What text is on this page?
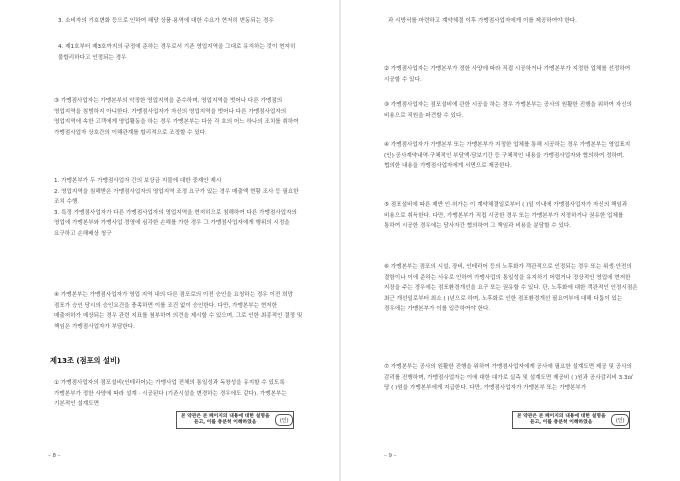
3. 소비자의 기호변화 등으로 인하여 해당 상품·용역에 대한 수요가 현저히 변동되는 경우
4. 제1호부터 제3호까지의 규정에 준하는 경우로서 기존 영업지역을 그대로 유지하는 것이 현저히 불합리하다고 인정되는 경우
③ 가맹점사업자는 가맹본부의 악정한 영업지역을 준수하며, 영업지역을 벗어나 다른 가맹점의 영업지역을 침범하지 아니한다. 가맹점사업자가 자신의 영업지역을 벗어나 다른 가맹점사업자의 영업지역에 속한 고객에게 영업활동을 하는 경우 가맹본부는 다음 각 호의 어느 하나의 조치를 취하여 가맹점사업자 상호간의 이해관계를 합리적으로 조정할 수 있다.
1. 가맹본부가 두 가맹점사업자 간의 보상금 지불에 대한 중재안 제시
2. 영업지역을 침해받은 가맹점사업자의 영업지역 조정 요구가 있는 경우 매출액 현황 조사 등 필요한 조치 수행
3. 특정 가맹점사업자가 다른 가맹점사업자의 영업지역을 현저히으로 침해하여 다른 가맹점사업자의 영업에 가맹본부와 가맹사업 경영에 심각한 손해를 가한 경우 그 가맹점사업자에게 행위의 시정을 요구하고 손해배상 청구
④ 가맹본부는 가맹점사업자가 영업 지역 내의 다른 점포로의 이전 승인을 요청하는 경우 이전 희망 점포가 승인 당시의 승인요건을 충족하면 이를 조건 없이 승인한다. 다만, 가맹본부는 현저한 매출저하가 예상되는 경우 관련 지표를 첨부하여 의견을 제시할 수 있으며, 그로 인한 최종적인 결정 및 책임은 가맹점사업자가 부담한다.
제13조 (점포의 설비)
① 가맹점사업자의 점포설비(인테리어)는 가맹사업 전체의 통일성과 독창성을 유지할 수 있도록 가맹본부가 정한 사양에 따라 설계 · 시공된다 (기존시설을 변경하는 경우에도 같다). 가맹본부는 기본적인 설계도면
– 8 –
본 약관은 본 페이지의 내용에 대한 설명을 듣고, 이를 충분히 이해하였음	(인)
과 시방서를 마련하고 계약체결 이후 가맹점사업자에게 이를 제공하여야 한다.
② 가맹점사업자는 가맹본부가 정한 사양에 따라 직접 시공하거나 가맹본부가 지정한 업체를 선정하여 시공할 수 있다.
③ 가맹점사업자는 점포설비에 관한 시공을 하는 경우 가맹본부는 공사의 원활한 진행을 위하여 자신의 비용으로 직원을 파견할 수 있다.
④ 가맹점사업자가 가맹본부 또는 가맹본부가 지정한 업체를 통해 시공하는 경우 가맹본부는 영업표지(인)·공사계약내역·구체적인 부담액·담보기간 등 구체적인 내용을 가맹점사업자와 협의하여 정하며, 협의한 내용을 가맹점사업자에게 서면으로 제공한다.
⑤ 점포설비에 따른 제반 인·허가는 이 계약체결일로부터 ( )일 이내에 가맹점사업자가 자신의 책임과 비용으로 취득한다. 다만, 가맹본부가 직접 시공한 경우 또는 가맹본부가 지정하거나 권유한 업체를 통하여 시공한 경우에는 당사자간 협의하여 그 책임과 비용을 분담할 수 있다.
⑥ 가맹본부는 점포의 시설, 장비, 인테리어 등의 노후화가 객관적으로 인정되는 경우 또는 위생·안전의 결함이나 이에 준하는 사유로 인하여 가맹사업의 통일성을 유지하기 어렵거나 정상적인 영업에 현저한 지장을 주는 경우에는 점포환경개선을 요구 또는 권유할 수 있다. 단, 노후화에 대한 객관적인 인정시점은 최근 개선일로부터 최소 ( )년으로 하며, 노후화로 인한 점포환경개선 필요여부에 대해 다툼이 있는 경우에는 가맹본부가 이를 입증하여야 한다.
⑦ 가맹본부는 공사의 원활한 진행을 위하여 가맹점사업자에게 공사에 필요한 설계도면 제공 및 공사의 감리를 진행하며, 가맹점사업자는 이에 대한 대가로 실측 및 설계도면 제공비 ( )원과 공사감리비 3.3㎡당 ( )원을 가맹본부에게 지급한다. 다만, 가맹점사업자가 가맹본부 또는 가맹본부가
– 9 –
본 약관은 본 페이지의 내용에 대한 설명을 듣고, 이를 충분히 이해하였음	(인)
